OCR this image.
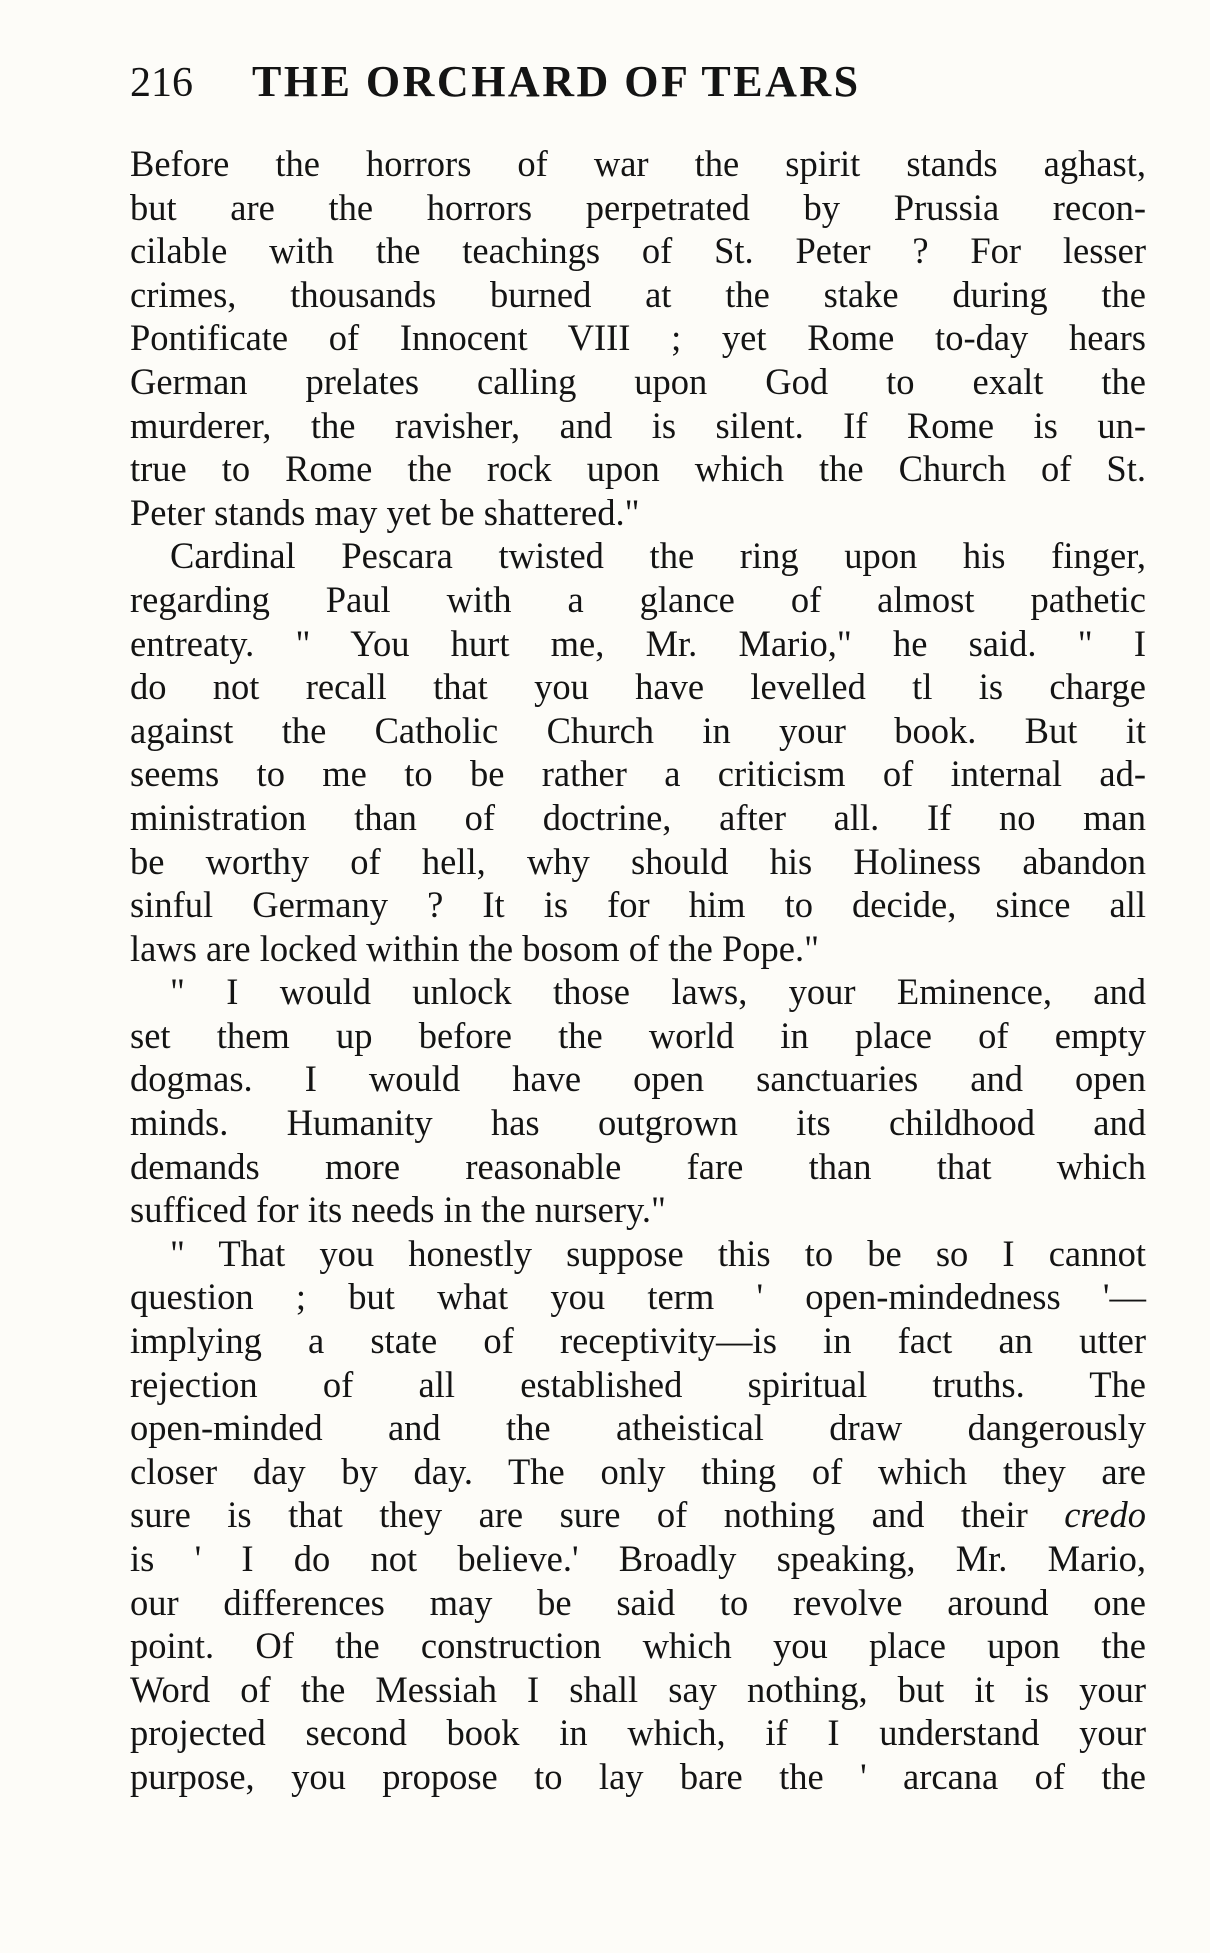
216	THE ORCHARD OF TEARS
Before the horrors of war the spirit stands aghast,
but are the horrors perpetrated by Prussia recon-
cilable with the teachings of St. Peter ? For lesser
crimes, thousands burned at the stake during the
Pontificate of Innocent VIII ; yet Rome to-day hears
German prelates calling upon God to exalt the
murderer, the ravisher, and is silent. If Rome is un-
true to Rome the rock upon which the Church of St.
Peter stands may yet be shattered."
Cardinal Pescara twisted the ring upon his finger,
regarding Paul with a glance of almost pathetic
entreaty. " You hurt me, Mr. Mario," he said. " I
do not recall that you have levelled tl is charge
against the Catholic Church in your book. But it
seems to me to be rather a criticism of internal ad-
ministration than of doctrine, after all. If no man
be worthy of hell, why should his Holiness abandon
sinful Germany ? It is for him to decide, since all
laws are locked within the bosom of the Pope."
" I would unlock those laws, your Eminence, and
set them up before the world in place of empty
dogmas. I would have open sanctuaries and open
minds. Humanity has outgrown its childhood and
demands more reasonable fare than that which
sufficed for its needs in the nursery."
" That you honestly suppose this to be so I cannot
question ; but what you term ' open-mindedness '—
implying a state of receptivity—is in fact an utter
rejection of all established spiritual truths. The
open-minded and the atheistical draw dangerously
closer day by day. The only thing of which they are
sure is that they are sure of nothing and their credo
is ' I do not believe.' Broadly speaking, Mr. Mario,
our differences may be said to revolve around one
point. Of the construction which you place upon the
Word of the Messiah I shall say nothing, but it is your
projected second book in which, if I understand your
purpose, you propose to lay bare the ' arcana of the
